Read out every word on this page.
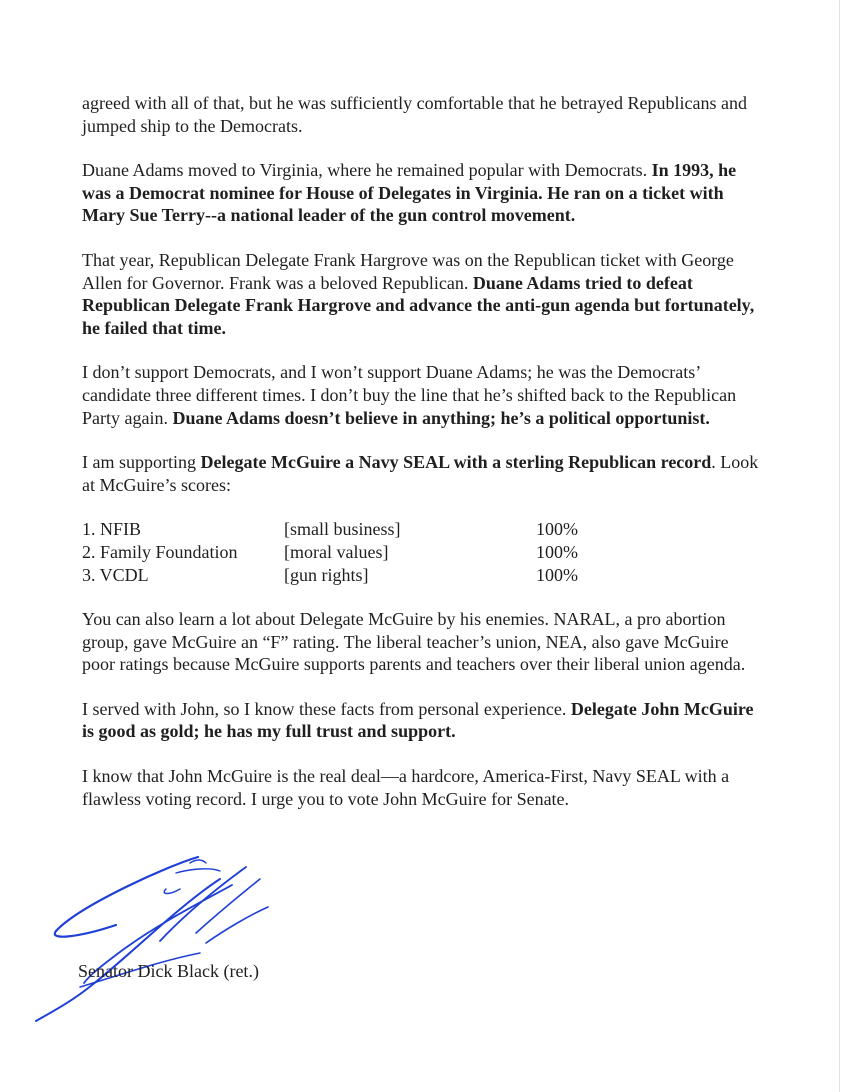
agreed with all of that, but he was sufficiently comfortable that he betrayed Republicans and jumped ship to the Democrats.

Duane Adams moved to Virginia, where he remained popular with Democrats. In 1993, he was a Democrat nominee for House of Delegates in Virginia. He ran on a ticket with Mary Sue Terry--a national leader of the gun control movement.

That year, Republican Delegate Frank Hargrove was on the Republican ticket with George Allen for Governor. Frank was a beloved Republican. Duane Adams tried to defeat Republican Delegate Frank Hargrove and advance the anti-gun agenda but fortunately, he failed that time.

I don’t support Democrats, and I won’t support Duane Adams; he was the Democrats’ candidate three different times. I don’t buy the line that he’s shifted back to the Republican Party again. Duane Adams doesn’t believe in anything; he’s a political opportunist.

I am supporting Delegate McGuire a Navy SEAL with a sterling Republican record. Look at McGuire’s scores:

1. NFIB	[small business]	100%
2. Family Foundation	[moral values]	100%
3. VCDL	[gun rights]	100%

You can also learn a lot about Delegate McGuire by his enemies. NARAL, a pro abortion group, gave McGuire an “F” rating. The liberal teacher’s union, NEA, also gave McGuire poor ratings because McGuire supports parents and teachers over their liberal union agenda.

I served with John, so I know these facts from personal experience. Delegate John McGuire is good as gold; he has my full trust and support.

I know that John McGuire is the real deal—a hardcore, America-First, Navy SEAL with a flawless voting record. I urge you to vote John McGuire for Senate.

Senator Dick Black (ret.)
